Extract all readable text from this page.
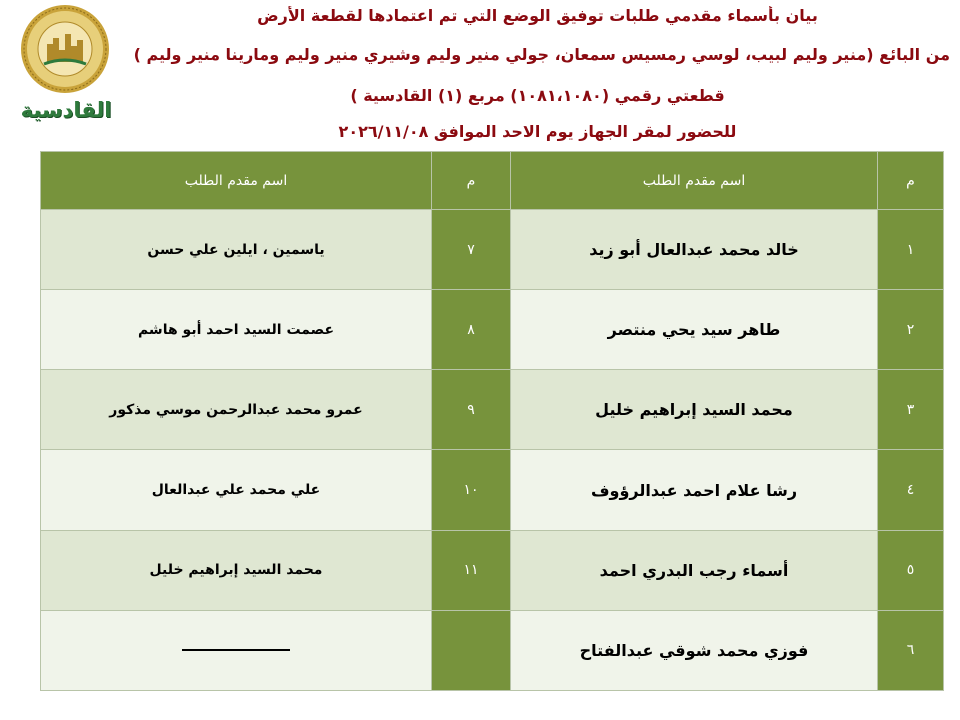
القادسية
بيان بأسماء مقدمي طلبات توفيق الوضع التي تم اعتمادها لقطعة الأرض
من البائع (منير وليم لبيب، لوسي رمسيس سمعان، جولي منير وليم وشيري منير وليم ومارينا منير وليم )
قطعتي رقمي (١٠٨١،١٠٨٠) مربع (١) القادسية )
للحضور لمقر الجهاز يوم الاحد الموافق ٢٠٢٦/١١/٠٨
م	اسم مقدم الطلب	م	اسم مقدم الطلب
١	خالد محمد عبدالعال أبو زيد	٧	ياسمين ، ايلين علي حسن
٢	طاهر سيد يحي منتصر	٨	عصمت السيد احمد أبو هاشم
٣	محمد السيد إبراهيم خليل	٩	عمرو محمد عبدالرحمن موسي مذكور
٤	رشا علام احمد عبدالرؤوف	١٠	علي محمد علي عبدالعال
٥	أسماء رجب البدري احمد	١١	محمد السيد إبراهيم خليل
٦	فوزي محمد شوقي عبدالفتاح		
